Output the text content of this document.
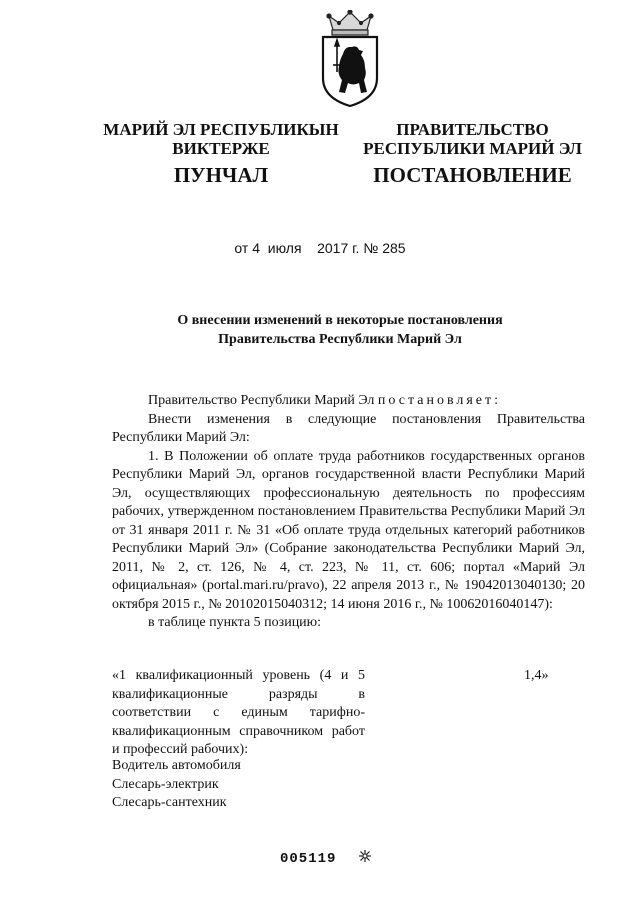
МАРИЙ ЭЛ РЕСПУБЛИКЫН
ВИКТЕРЖЕ
ПРАВИТЕЛЬСТВО
РЕСПУБЛИКИ МАРИЙ ЭЛ
ПУНЧАЛ	ПОСТАНОВЛЕНИЕ
от 4 июля 2017 г. № 285
О внесении изменений в некоторые постановления
Правительства Республики Марий Эл

Правительство Республики Марий Эл постановляет:

Внести изменения в следующие постановления Правительства Республики Марий Эл:

1. В Положении об оплате труда работников государственных органов Республики Марий Эл, органов государственной власти Республики Марий Эл, осуществляющих профессиональную деятельность по профессиям рабочих, утвержденном постановлением Правительства Республики Марий Эл от 31 января 2011 г. № 31 «Об оплате труда отдельных категорий работников Республики Марий Эл» (Собрание законодательства Республики Марий Эл, 2011, № 2, ст. 126, № 4, ст. 223, № 11, ст. 606; портал «Марий Эл официальная» (portal.mari.ru/pravo), 22 апреля 2013 г., № 19042013040130; 20 октября 2015 г., № 20102015040312; 14 июня 2016 г., № 10062016040147):

в таблице пункта 5 позицию:

«1 квалификационный уровень (4 и 5 квалификационные разряды в соответствии с единым тарифно-квалификационным справочником работ и профессий рабочих):
1,4»
Водитель автомобиля
Слесарь-электрик
Слесарь-сантехник
005119
